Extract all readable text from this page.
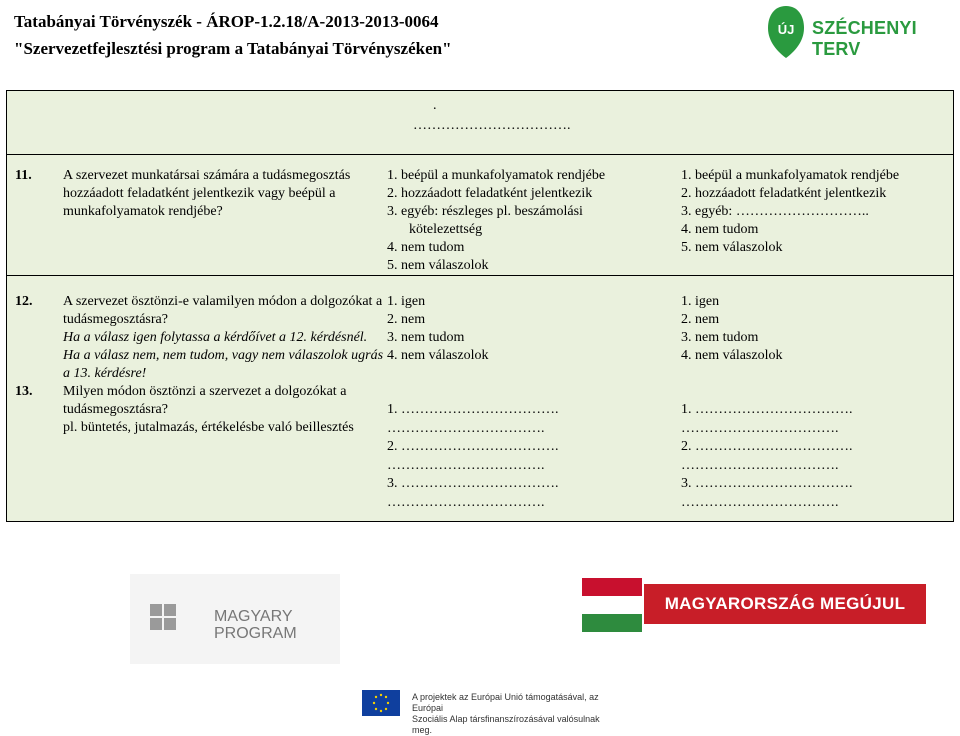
Tatabányai Törvényszék - ÁROP-1.2.18/A-2013-2013-0064
"Szervezetfejlesztési program a Tatabányai Törvényszéken"
ÚJ SZÉCHENYI TERV
.
…………………………….
11. A szervezet munkatársai számára a tudásmegosztás hozzáadott feladatként jelentkezik vagy beépül a munkafolyamatok rendjébe?
1. beépül a munkafolyamatok rendjébe
2. hozzáadott feladatként jelentkezik
3. egyéb: részleges pl. beszámolási
kötelezettség
4. nem tudom
5. nem válaszolok
1. beépül a munkafolyamatok rendjébe
2. hozzáadott feladatként jelentkezik
3. egyéb: ………………………..
4. nem tudom
5. nem válaszolok
12. A szervezet ösztönzi-e valamilyen módon a dolgozókat a tudásmegosztásra?
Ha a válasz igen folytassa a kérdőívet a 12. kérdésnél. Ha a válasz nem, nem tudom, vagy nem válaszolok ugrás a 13. kérdésre!
1. igen
2. nem
3. nem tudom
4. nem válaszolok
1. igen
2. nem
3. nem tudom
4. nem válaszolok
13. Milyen módon ösztönzi a szervezet a dolgozókat a tudásmegosztásra?
pl. büntetés, jutalmazás, értékelésbe való beillesztés
1. …………………………….
…………………………….
2. …………………………….
…………………………….
3. …………………………….
…………………………….
1. …………………………….
…………………………….
2. …………………………….
…………………………….
3. …………………………….
…………………………….
MAGYARY
PROGRAM
MAGYARORSZÁG MEGÚJUL
A projektek az Európai Unió támogatásával, az Európai
Szociális Alap társfinanszírozásával valósulnak meg.
